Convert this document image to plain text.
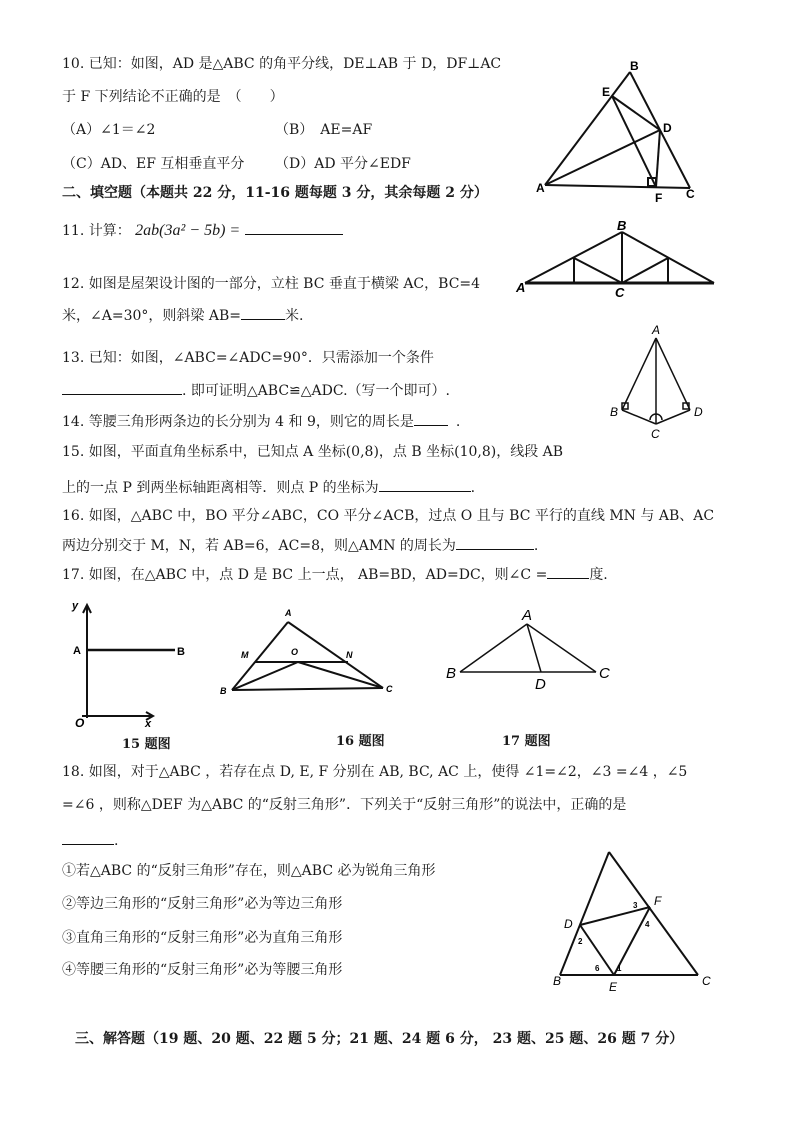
10. 已知：如图，AD 是△ABC 的角平分线，DE⊥AB 于 D，DF⊥AC
于 F 下列结论不正确的是　（　　）
（A）∠1＝∠2	（B）　AE=AF
（C）AD、EF 互相垂直平分 （D）AD 平分∠EDF
B
E
D
A
F C
二、填空题（本题共 22 分，11-16 题每题 3 分，其余每题 2 分）
11. 计算： 2ab(3a² − 5b) =
12. 如图是屋架设计图的一部分，立柱 BC 垂直于横梁 AC，BC=4
米，∠A=30°，则斜梁 AB=	米.
B
A	C
13. 已知：如图，∠ABC=∠ADC=90°．只需添加一个条件
. 即可证明△ABC≌△ADC.（写一个即可）.
A
B	D
C
14. 等腰三角形两条边的长分别为 4 和 9，则它的周长是	.
15. 如图，平面直角坐标系中，已知点 A 坐标(0,8)，点 B 坐标(10,8)，线段 AB
上的一点 P 到两坐标轴距离相等．则点 P 的坐标为	.
16. 如图，△ABC 中，BO 平分∠ABC，CO 平分∠ACB，过点 O 且与 BC 平行的直线 MN 与 AB、AC
两边分别交于 M，N，若 AB=6，AC=8，则△AMN 的周长为	.
17. 如图，在△ABC 中，点 D 是 BC 上一点， AB=BD，AD=DC，则∠C =	度.
y
x
O
A	B
A
M	O	N
B	C
A
B	C
D
15 题图	16 题图	17 题图
18. 如图，对于△ABC ，若存在点 D, E, F 分别在 AB, BC, AC 上，使得 ∠1=∠2，∠3 =∠4 ，∠5
=∠6 ，则称△DEF 为△ABC 的“反射三角形”．下列关于“反射三角形”的说法中，正确的是
.
①若△ABC 的“反射三角形”存在，则△ABC 必为锐角三角形
②等边三角形的“反射三角形”必为等边三角形
③直角三角形的“反射三角形”必为直角三角形
④等腰三角形的“反射三角形”必为等腰三角形
B	C
D
E
F
2
3
4
6 1
三、解答题（19 题、20 题、22 题 5 分；21 题、24 题 6 分， 23 题、25 题、26 题 7 分）
